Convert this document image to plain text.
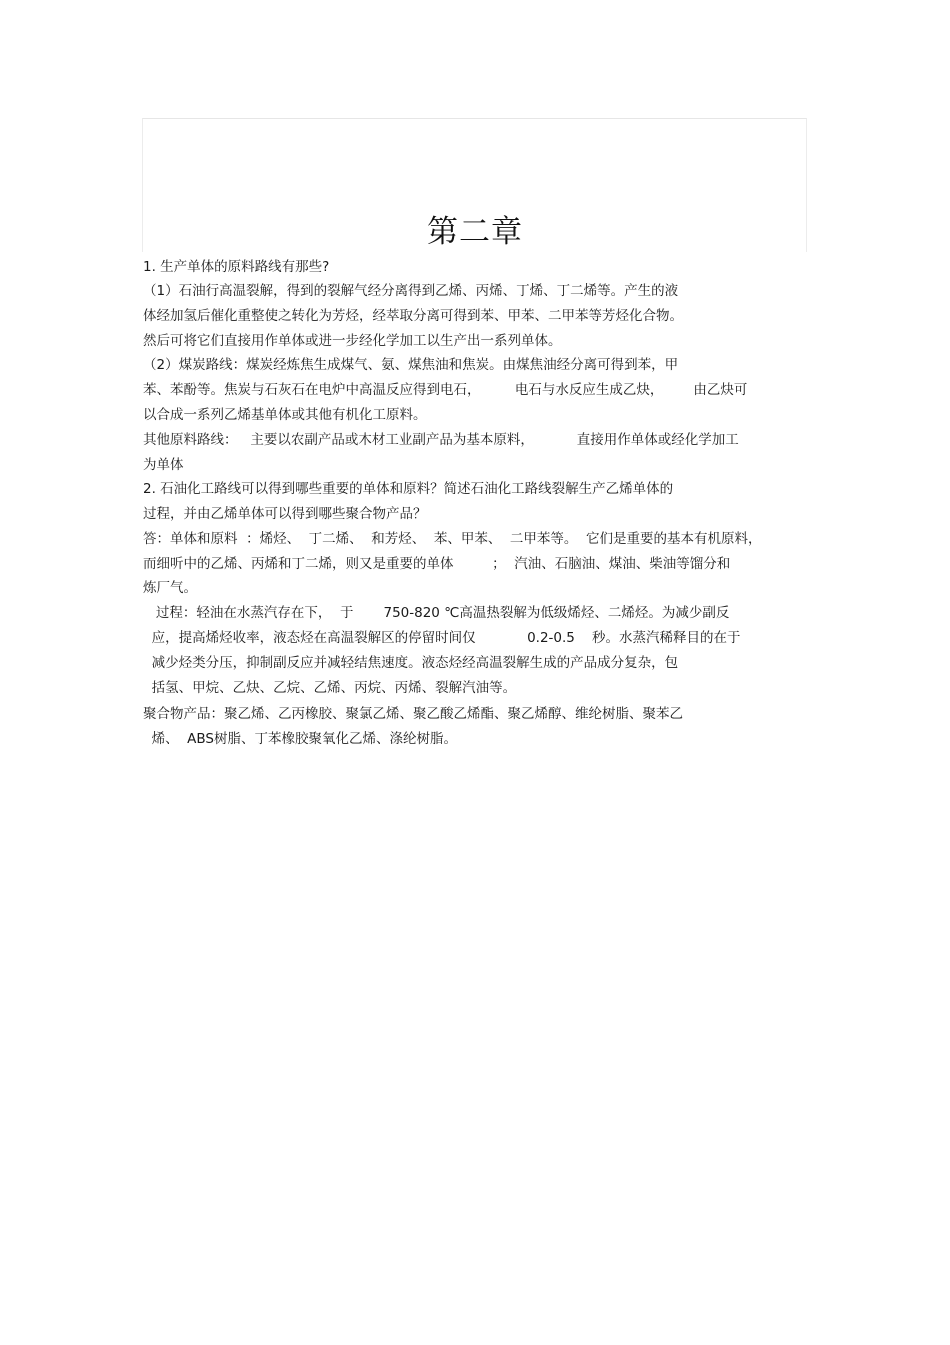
第二章
1. 生产单体的原料路线有那些?
（1）石油行高温裂解，得到的裂解气经分离得到乙烯、丙烯、丁烯、丁二烯等。产生的液
体经加氢后催化重整使之转化为芳烃，经萃取分离可得到苯、甲苯、二甲苯等芳烃化合物。
然后可将它们直接用作单体或进一步经化学加工以生产出一系列单体。
（2）煤炭路线：煤炭经炼焦生成煤气、氨、煤焦油和焦炭。由煤焦油经分离可得到苯，甲
苯、苯酚等。焦炭与石灰石在电炉中高温反应得到电石，        电石与水反应生成乙炔，       由乙炔可
以合成一系列乙烯基单体或其他有机化工原料。
其他原料路线：   主要以农副产品或木材工业副产品为基本原料，          直接用作单体或经化学加工
为单体
2. 石油化工路线可以得到哪些重要的单体和原料？简述石油化工路线裂解生产乙烯单体的
过程，并由乙烯单体可以得到哪些聚合物产品？
答：单体和原料  ：烯烃、  丁二烯、  和芳烃、  苯、甲苯、  二甲苯等。  它们是重要的基本有机原料，
而细听中的乙烯、丙烯和丁二烯，则又是重要的单体         ；  汽油、石脑油、煤油、柴油等馏分和
炼厂气。
过程：轻油在水蒸汽存在下，  于       750-820 ℃高温热裂解为低级烯烃、二烯烃。为减少副反
应，提高烯烃收率，液态烃在高温裂解区的停留时间仅            0.2-0.5    秒。水蒸汽稀释目的在于
减少烃类分压，抑制副反应并减轻结焦速度。液态烃经高温裂解生成的产品成分复杂，包
括氢、甲烷、乙炔、乙烷、乙烯、丙烷、丙烯、裂解汽油等。
聚合物产品：聚乙烯、乙丙橡胶、聚氯乙烯、聚乙酸乙烯酯、聚乙烯醇、维纶树脂、聚苯乙
烯、  ABS树脂、丁苯橡胶聚氧化乙烯、涤纶树脂。
